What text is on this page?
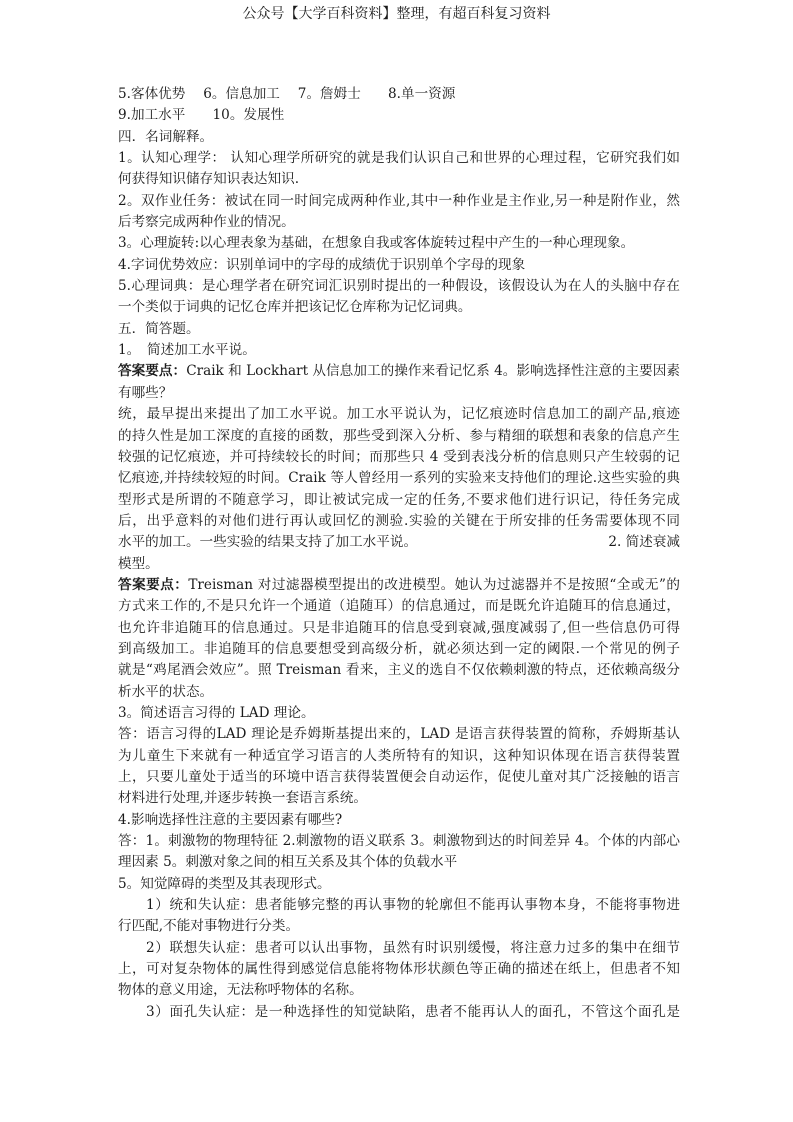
公众号【大学百科资料】整理，有超百科复习资料
5.客体优势　 6。信息加工　 7。詹姆士　　8.单一资源
9.加工水平　　10。发展性
四．名词解释。
1。认知心理学： 认知心理学所研究的就是我们认识自己和世界的心理过程，它研究我们如
何获得知识储存知识表达知识.
2。双作业任务：被试在同一时间完成两种作业,其中一种作业是主作业,另一种是附作业，然
后考察完成两种作业的情况。
3。心理旋转:以心理表象为基础，在想象自我或客体旋转过程中产生的一种心理现象。
4.字词优势效应：识别单词中的字母的成绩优于识别单个字母的现象
5.心理词典：是心理学者在研究词汇识别时提出的一种假设，该假设认为在人的头脑中存在
一个类似于词典的记忆仓库并把该记忆仓库称为记忆词典。
五．简答题。
1。　简述加工水平说。
答案要点：Craik 和 Lockhart 从信息加工的操作来看记忆系 4。影响选择性注意的主要因素
有哪些？
统，最早提出来提出了加工水平说。加工水平说认为，记忆痕迹时信息加工的副产品,痕迹
的持久性是加工深度的直接的函数，那些受到深入分析、参与精细的联想和表象的信息产生
较强的记忆痕迹，并可持续较长的时间；而那些只 4 受到表浅分析的信息则只产生较弱的记
忆痕迹,并持续较短的时间。Craik 等人曾经用一系列的实验来支持他们的理论.这些实验的典
型形式是所谓的不随意学习，即让被试完成一定的任务,不要求他们进行识记，待任务完成
后，出乎意料的对他们进行再认或回忆的测验.实验的关键在于所安排的任务需要体现不同
水平的加工。一些实验的结果支持了加工水平说。	2. 简述衰减
模型。
答案要点：Treisman 对过滤器模型提出的改进模型。她认为过滤器并不是按照“全或无”的
方式来工作的,不是只允许一个通道（追随耳）的信息通过，而是既允许追随耳的信息通过，
也允许非追随耳的信息通过。只是非追随耳的信息受到衰减,强度减弱了,但一些信息仍可得
到高级加工。非追随耳的信息要想受到高级分析，就必须达到一定的阈限.一个常见的例子
就是“鸡尾酒会效应”。照 Treisman 看来，主义的选自不仅依赖刺激的特点，还依赖高级分
析水平的状态。
3。简述语言习得的 LAD 理论。
答：语言习得的LAD 理论是乔姆斯基提出来的，LAD 是语言获得装置的简称，乔姆斯基认
为儿童生下来就有一种适宜学习语言的人类所特有的知识，这种知识体现在语言获得装置
上，只要儿童处于适当的环境中语言获得装置便会自动运作，促使儿童对其广泛接触的语言
材料进行处理,并逐步转换一套语言系统。
4.影响选择性注意的主要因素有哪些?
答：1。刺激物的物理特征 2.刺激物的语义联系 3。刺激物到达的时间差异 4。个体的内部心
理因素 5。刺激对象之间的相互关系及其个体的负载水平
5。知觉障碍的类型及其表现形式。
1）统和失认症：患者能够完整的再认事物的轮廓但不能再认事物本身，不能将事物进
行匹配,不能对事物进行分类。
2）联想失认症：患者可以认出事物，虽然有时识别缓慢，将注意力过多的集中在细节
上，可对复杂物体的属性得到感觉信息能将物体形状颜色等正确的描述在纸上，但患者不知
物体的意义用途，无法称呼物体的名称。
3）面孔失认症：是一种选择性的知觉缺陷，患者不能再认人的面孔，不管这个面孔是
